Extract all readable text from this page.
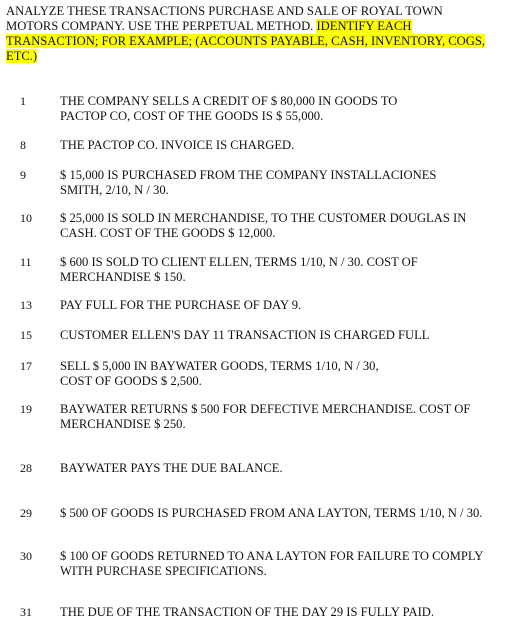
ANALYZE THESE TRANSACTIONS PURCHASE AND SALE OF ROYAL TOWN
MOTORS COMPANY. USE THE PERPETUAL METHOD. IDENTIFY EACH
TRANSACTION; FOR EXAMPLE; (ACCOUNTS PAYABLE, CASH, INVENTORY, COGS,
ETC.)
1	THE COMPANY SELLS A CREDIT OF $ 80,000 IN GOODS TO
PACTOP CO, COST OF THE GOODS IS $ 55,000.
8	THE PACTOP CO. INVOICE IS CHARGED.
9	$ 15,000 IS PURCHASED FROM THE COMPANY INSTALLACIONES
SMITH, 2/10, N / 30.
10	$ 25,000 IS SOLD IN MERCHANDISE, TO THE CUSTOMER DOUGLAS IN
CASH. COST OF THE GOODS $ 12,000.
11	$ 600 IS SOLD TO CLIENT ELLEN, TERMS 1/10, N / 30. COST OF
MERCHANDISE $ 150.
13	PAY FULL FOR THE PURCHASE OF DAY 9.
15	CUSTOMER ELLEN'S DAY 11 TRANSACTION IS CHARGED FULL
17	SELL $ 5,000 IN BAYWATER GOODS, TERMS 1/10, N / 30,
COST OF GOODS $ 2,500.
19	BAYWATER RETURNS $ 500 FOR DEFECTIVE MERCHANDISE. COST OF
MERCHANDISE $ 250.
28	BAYWATER PAYS THE DUE BALANCE.
29	$ 500 OF GOODS IS PURCHASED FROM ANA LAYTON, TERMS 1/10, N / 30.
30	$ 100 OF GOODS RETURNED TO ANA LAYTON FOR FAILURE TO COMPLY
WITH PURCHASE SPECIFICATIONS.
31	THE DUE OF THE TRANSACTION OF THE DAY 29 IS FULLY PAID.
